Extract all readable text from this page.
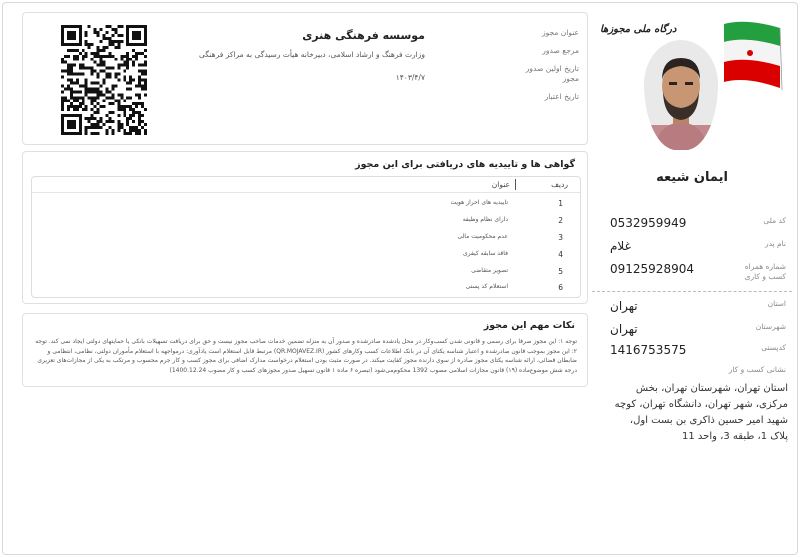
درگاه ملی مجوزها
ایمان شیعه
کد ملی
0532959949
نام پدر
غلام
شماره همراه کسب و کاری
09125928904
استان
تهران
شهرستان
تهران
کدپستی
1416753575
نشانی کسب و کار
استان تهران، شهرستان تهران، بخش مرکزی، شهر تهران، دانشگاه تهران، کوچه شهید امیر حسین ذاکری بن بست اول، پلاک 1، طبقه 3، واحد 11
موسسه فرهنگی هنری
وزارت فرهنگ و ارشاد اسلامی، دبیرخانه هیأت رسیدگی به مراکز فرهنگی
۱۴۰۳/۴/۷
عنوان مجوز
مرجع صدور
تاریخ اولین صدور مجوز
تاریخ اعتبار
گواهی ها و تاییدیه های دریافتی برای این مجوز
ردیف
عنوان
1
تاییدیه های احراز هویت
2
دارای نظام وظیفه
3
عدم محکومیت مالی
4
فاقد سابقه کیفری
5
تصویر متقاضی
6
استعلام کد پستی
نکات مهم این مجوز
توجه ۱: این مجوز صرفا برای رسمی و قانونی شدن کسب‌وکار در محل یادشده صادرشده و صدور آن به منزله تضمین خدمات صاحب مجوز نیست و حق برای دریافت تسهیلات بانکی یا حمایتهای دولتی ایجاد نمی کند. توجه ۲: این مجوز بموجب قانون صادرشده و اعتبار شناسه یکتای آن در بانک اطلاعات کسب وکارهای کشور (QR.MOJAVEZ.IR) مرتبط قابل استعلام است یادآوری: درمواجهه با استعلام مأموران دولتی، نظامی، انتظامی و ضابطان قضائی، ارائه شناسه یکتای مجوز صادره از سوی دارنده مجوز کفایت میکند. در صورت مثبت بودن استعلام درخواست مدارک اضافی برای مجوز کسب و کار جرم محسوب و مرتکب به یکی از مجازات‌های تعزیری درجه شش موضوع‌ماده (۱۹) قانون مجازات اسلامی مصوب 1392 محکوم‌می‌شود (تبصره ۶ ماده ۱ قانون تسهیل صدور مجوزهای کسب و کار مصوب 1400.12.24)
